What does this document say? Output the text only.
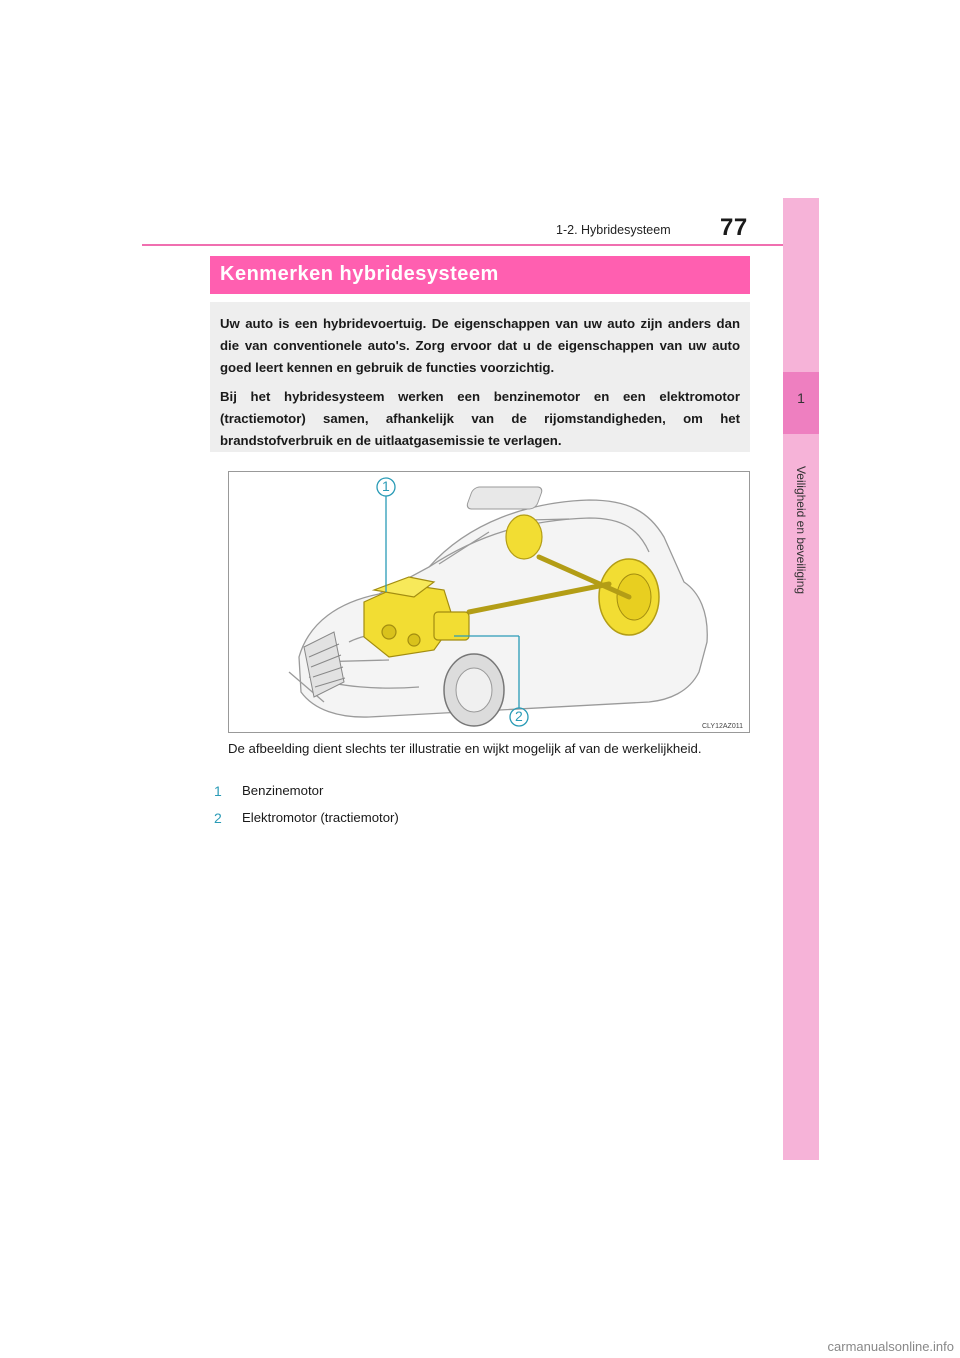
77
1-2. Hybridesysteem
1
Veiligheid en beveiliging
Kenmerken hybridesysteem

Uw auto is een hybridevoertuig. De eigenschappen van uw auto zijn anders dan die van conventionele auto's. Zorg ervoor dat u de eigenschappen van uw auto goed leert kennen en gebruik de functies voorzichtig.

Bij het hybridesysteem werken een benzinemotor en een elektromotor (tractiemotor) samen, afhankelijk van de rijomstandigheden, om het brandstofverbruik en de uitlaatgasemissie te verlagen.

1
2
CLY12AZ011
De afbeelding dient slechts ter illustratie en wijkt mogelijk af van de werkelijkheid.
1 Benzinemotor
2 Elektromotor (tractiemotor)
carmanualsonline.info
